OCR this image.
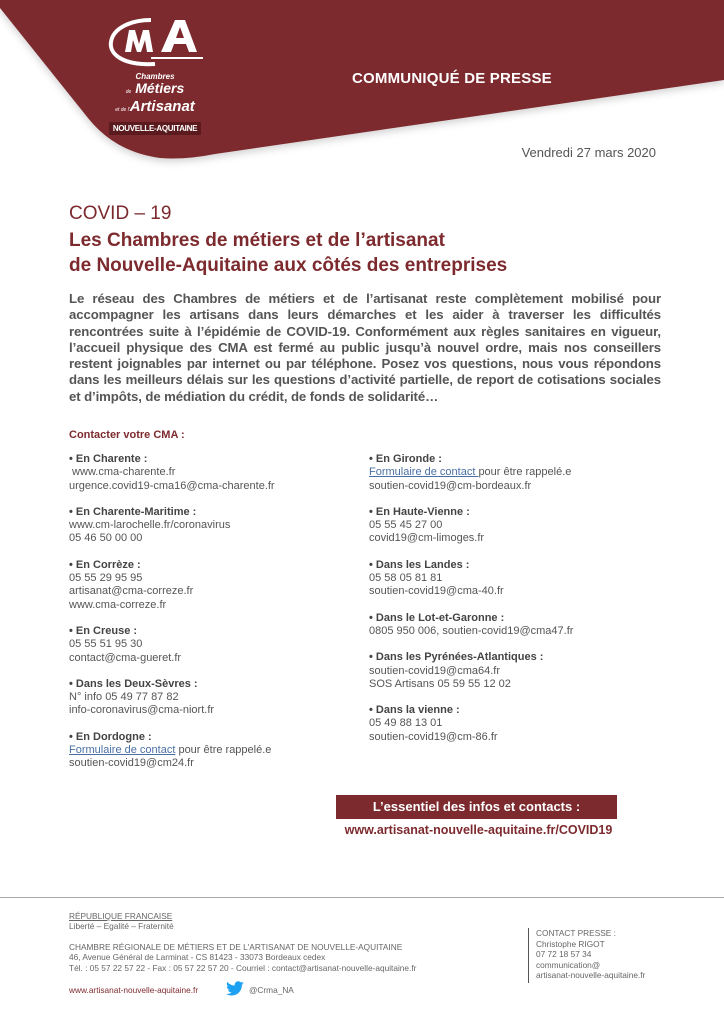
Chambres
de Métiers
et de l'Artisanat
NOUVELLE-AQUITAINE
COMMUNIQUÉ DE PRESSE
Vendredi 27 mars 2020
COVID – 19
Les Chambres de métiers et de l’artisanat
de Nouvelle-Aquitaine aux côtés des entreprises
Le réseau des Chambres de métiers et de l’artisanat reste complètement mobilisé pour accompagner les artisans dans leurs démarches et les aider à traverser les difficultés rencontrées suite à l’épidémie de COVID-19. Conformément aux règles sanitaires en vigueur, l’accueil physique des CMA est fermé au public jusqu’à nouvel ordre, mais nos conseillers restent joignables par internet ou par téléphone. Posez vos questions, nous vous répondons dans les meilleurs délais sur les questions d’activité partielle, de report de cotisations sociales et d’impôts, de médiation du crédit, de fonds de solidarité…
Contacter votre CMA :
• En Charente :
www.cma-charente.fr
urgence.covid19-cma16@cma-charente.fr
• En Charente-Maritime :
www.cm-larochelle.fr/coronavirus
05 46 50 00 00
• En Corrèze :
05 55 29 95 95
artisanat@cma-correze.fr
www.cma-correze.fr
• En Creuse :
05 55 51 95 30
contact@cma-gueret.fr
• Dans les Deux-Sèvres :
N° info 05 49 77 87 82
info-coronavirus@cma-niort.fr
• En Dordogne :
Formulaire de contact pour être rappelé.e
soutien-covid19@cm24.fr
• En Gironde :
Formulaire de contact pour être rappelé.e
soutien-covid19@cm-bordeaux.fr
• En Haute-Vienne :
05 55 45 27 00
covid19@cm-limoges.fr
• Dans les Landes :
05 58 05 81 81
soutien-covid19@cma-40.fr
• Dans le Lot-et-Garonne :
0805 950 006, soutien-covid19@cma47.fr
• Dans les Pyrénées-Atlantiques :
soutien-covid19@cma64.fr
SOS Artisans 05 59 55 12 02
• Dans la vienne :
05 49 88 13 01
soutien-covid19@cm-86.fr
L’essentiel des infos et contacts :
www.artisanat-nouvelle-aquitaine.fr/COVID19
RÉPUBLIQUE FRANCAISE
Liberté – Egalité – Fraternité
CHAMBRE RÉGIONALE DE MÉTIERS ET DE L'ARTISANAT DE NOUVELLE-AQUITAINE
46, Avenue Général de Larminat - CS 81423 - 33073 Bordeaux cedex
Tél. : 05 57 22 57 22 - Fax : 05 57 22 57 20 - Courriel : contact@artisanat-nouvelle-aquitaine.fr
www.artisanat-nouvelle-aquitaine.fr	@Crma_NA
CONTACT PRESSE :
Christophe RIGOT
07 72 18 57 34
communication@
artisanat-nouvelle-aquitaine.fr
